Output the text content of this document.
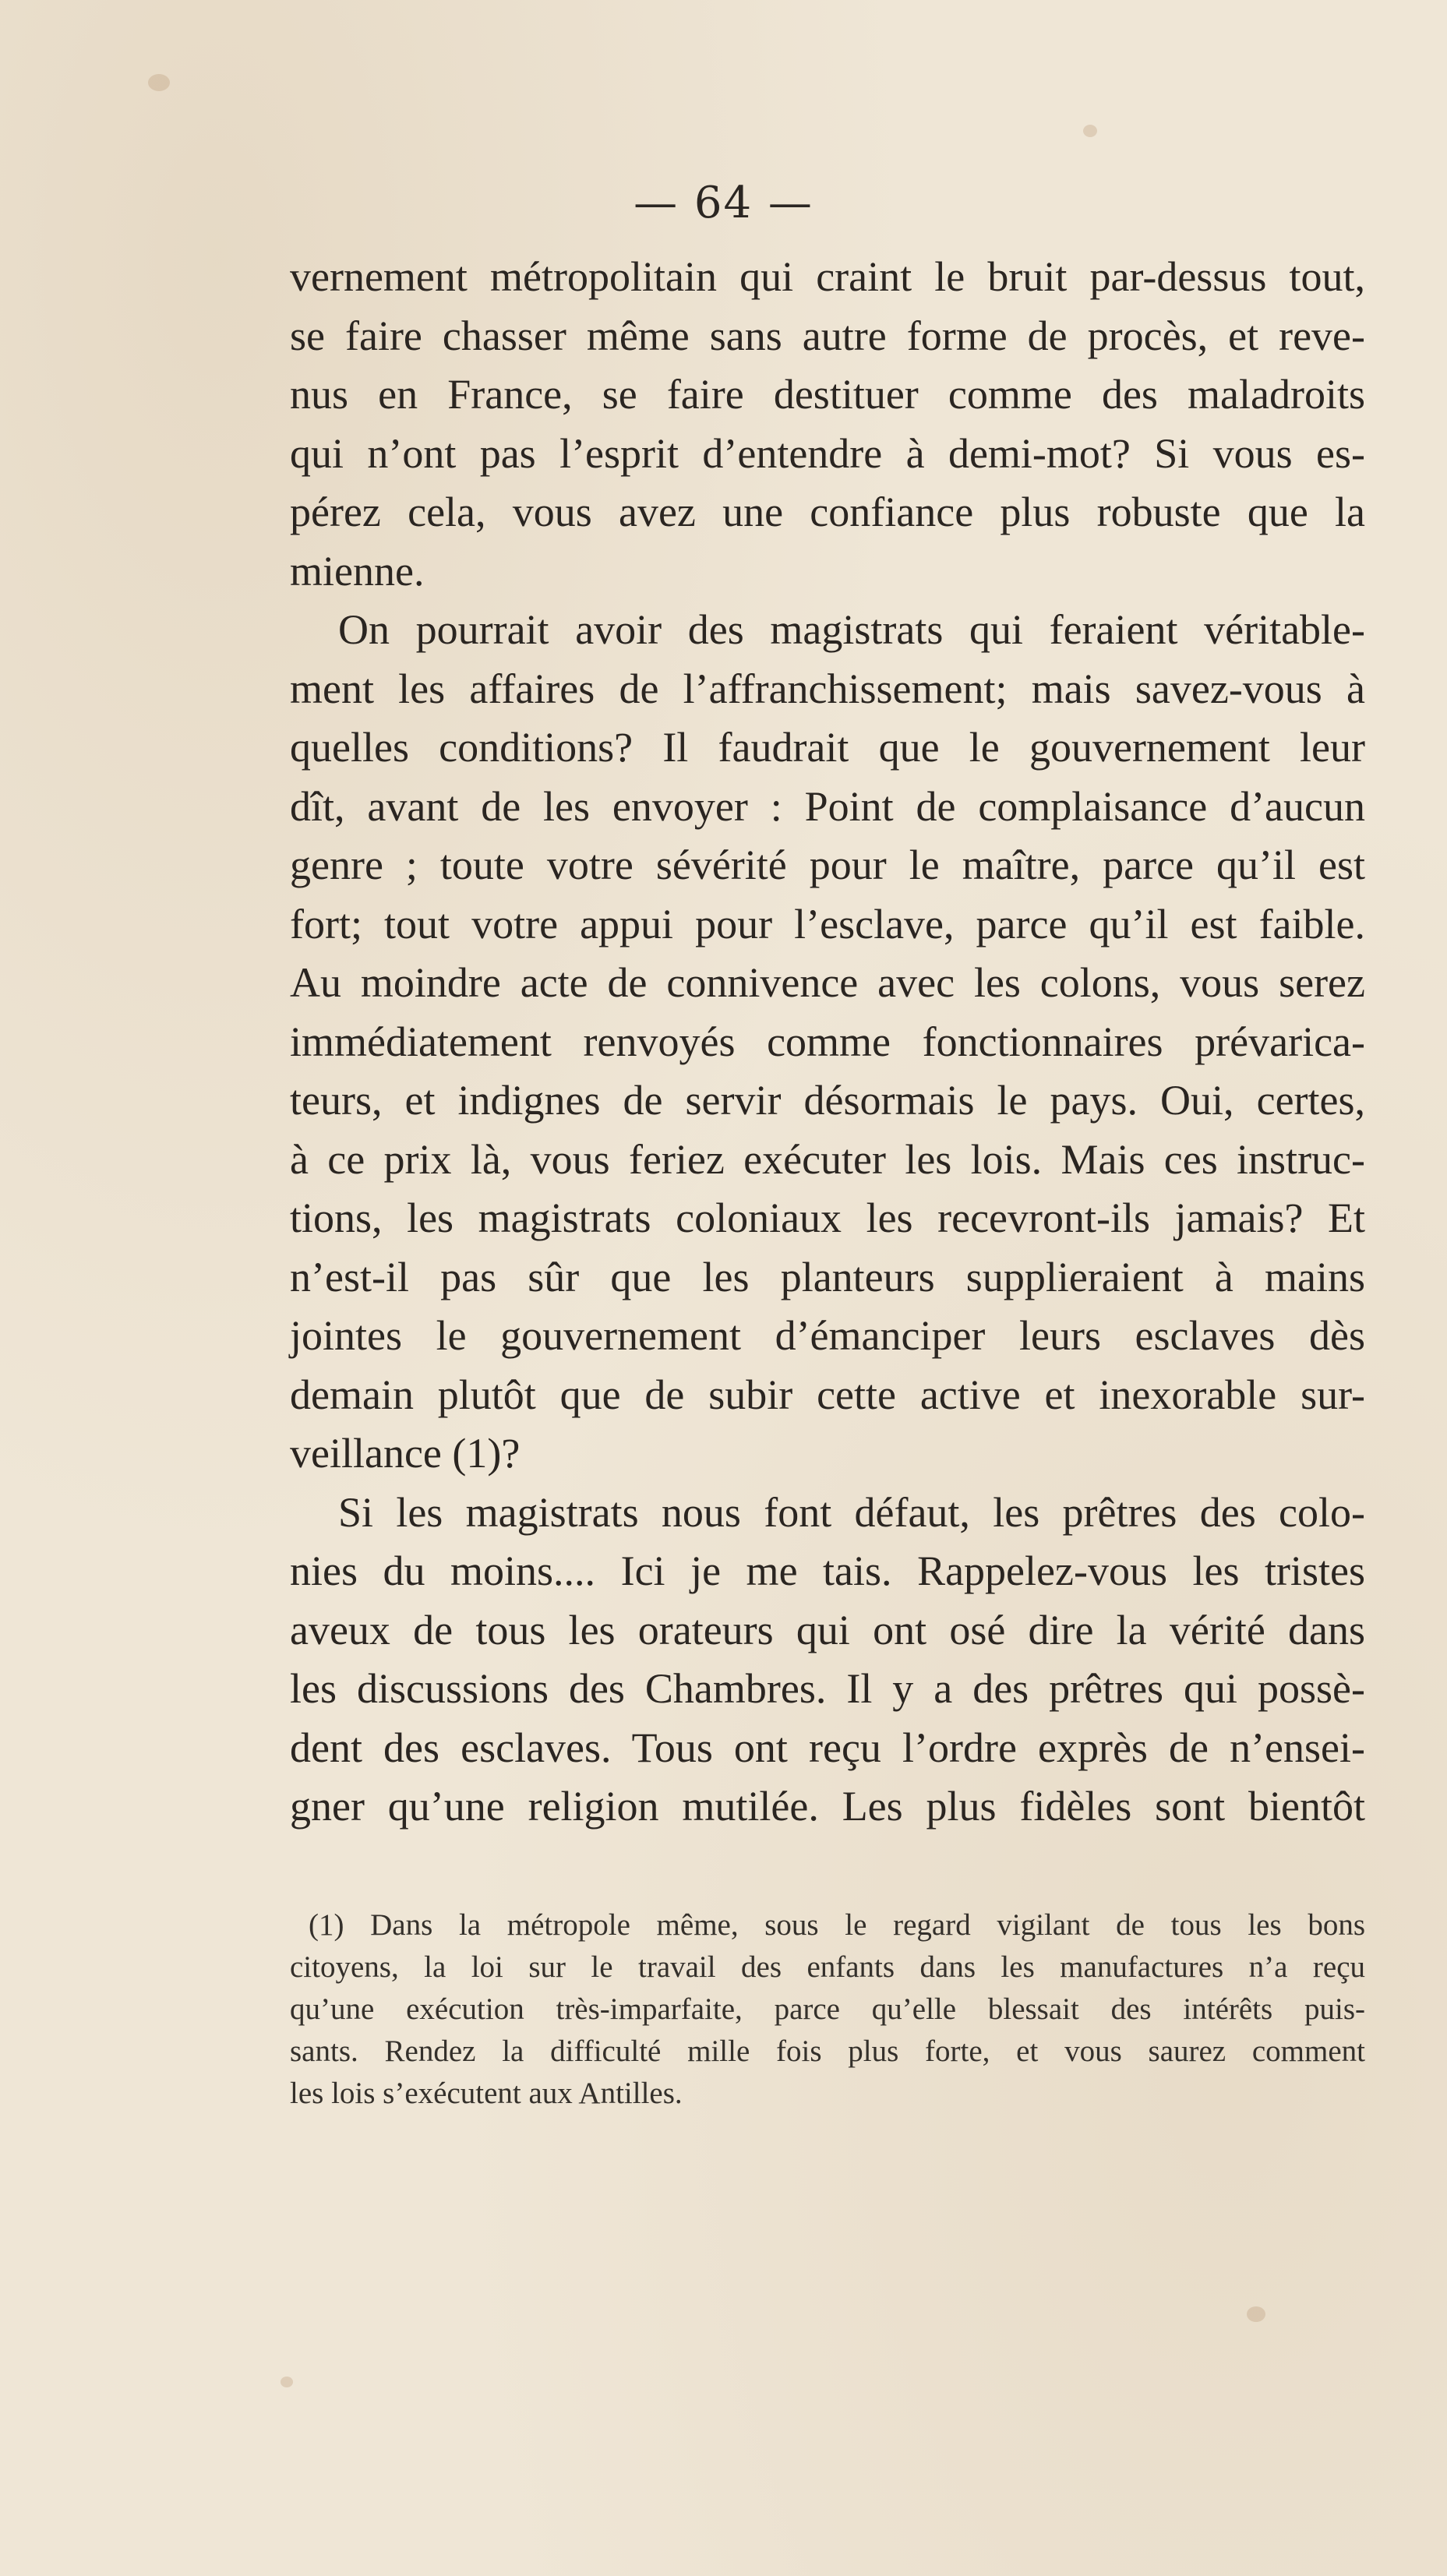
— 64 —
vernement métropolitain qui craint le bruit par-dessus tout,
se faire chasser même sans autre forme de procès, et reve-
nus en France, se faire destituer comme des maladroits
qui n’ont pas l’esprit d’entendre à demi-mot? Si vous es-
pérez cela, vous avez une confiance plus robuste que la
mienne.
On pourrait avoir des magistrats qui feraient véritable-
ment les affaires de l’affranchissement; mais savez-vous à
quelles conditions? Il faudrait que le gouvernement leur
dît, avant de les envoyer : Point de complaisance d’aucun
genre ; toute votre sévérité pour le maître, parce qu’il est
fort; tout votre appui pour l’esclave, parce qu’il est faible.
Au moindre acte de connivence avec les colons, vous serez
immédiatement renvoyés comme fonctionnaires prévarica-
teurs, et indignes de servir désormais le pays. Oui, certes,
à ce prix là, vous feriez exécuter les lois. Mais ces instruc-
tions, les magistrats coloniaux les recevront-ils jamais? Et
n’est-il pas sûr que les planteurs supplieraient à mains
jointes le gouvernement d’émanciper leurs esclaves dès
demain plutôt que de subir cette active et inexorable sur-
veillance (1)?
Si les magistrats nous font défaut, les prêtres des colo-
nies du moins.... Ici je me tais. Rappelez-vous les tristes
aveux de tous les orateurs qui ont osé dire la vérité dans
les discussions des Chambres. Il y a des prêtres qui possè-
dent des esclaves. Tous ont reçu l’ordre exprès de n’ensei-
gner qu’une religion mutilée. Les plus fidèles sont bientôt
(1) Dans la métropole même, sous le regard vigilant de tous les bons
citoyens, la loi sur le travail des enfants dans les manufactures n’a reçu
qu’une exécution très-imparfaite, parce qu’elle blessait des intérêts puis-
sants. Rendez la difficulté mille fois plus forte, et vous saurez comment
les lois s’exécutent aux Antilles.
